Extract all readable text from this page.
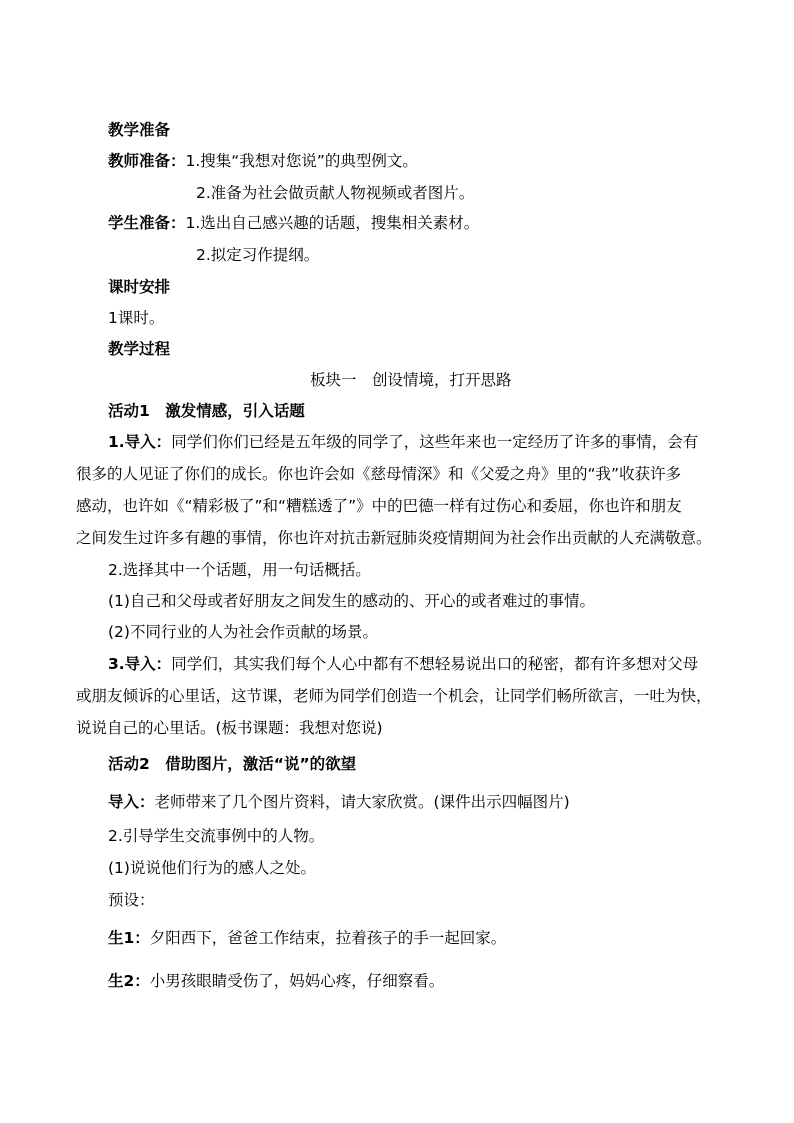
教学准备
教师准备：1.搜集“我想对您说”的典型例文。
2.准备为社会做贡献人物视频或者图片。
学生准备：1.选出自己感兴趣的话题，搜集相关素材。
2.拟定习作提纲。
课时安排
1课时。
教学过程
板块一　创设情境，打开思路
活动1　激发情感，引入话题
1.导入：同学们你们已经是五年级的同学了，这些年来也一定经历了许多的事情，会有
很多的人见证了你们的成长。你也许会如《慈母情深》和《父爱之舟》里的“我”收获许多
感动，也许如《“精彩极了”和“糟糕透了”》中的巴德一样有过伤心和委屈，你也许和朋友
之间发生过许多有趣的事情，你也许对抗击新冠肺炎疫情期间为社会作出贡献的人充满敬意。
2.选择其中一个话题，用一句话概括。
(1)自己和父母或者好朋友之间发生的感动的、开心的或者难过的事情。
(2)不同行业的人为社会作贡献的场景。
3.导入：同学们，其实我们每个人心中都有不想轻易说出口的秘密，都有许多想对父母
或朋友倾诉的心里话，这节课，老师为同学们创造一个机会，让同学们畅所欲言，一吐为快，
说说自己的心里话。(板书课题：我想对您说)
活动2　借助图片，激活“说”的欲望
导入：老师带来了几个图片资料，请大家欣赏。(课件出示四幅图片)
2.引导学生交流事例中的人物。
(1)说说他们行为的感人之处。
预设：
生1：夕阳西下，爸爸工作结束，拉着孩子的手一起回家。
生2：小男孩眼睛受伤了，妈妈心疼，仔细察看。
